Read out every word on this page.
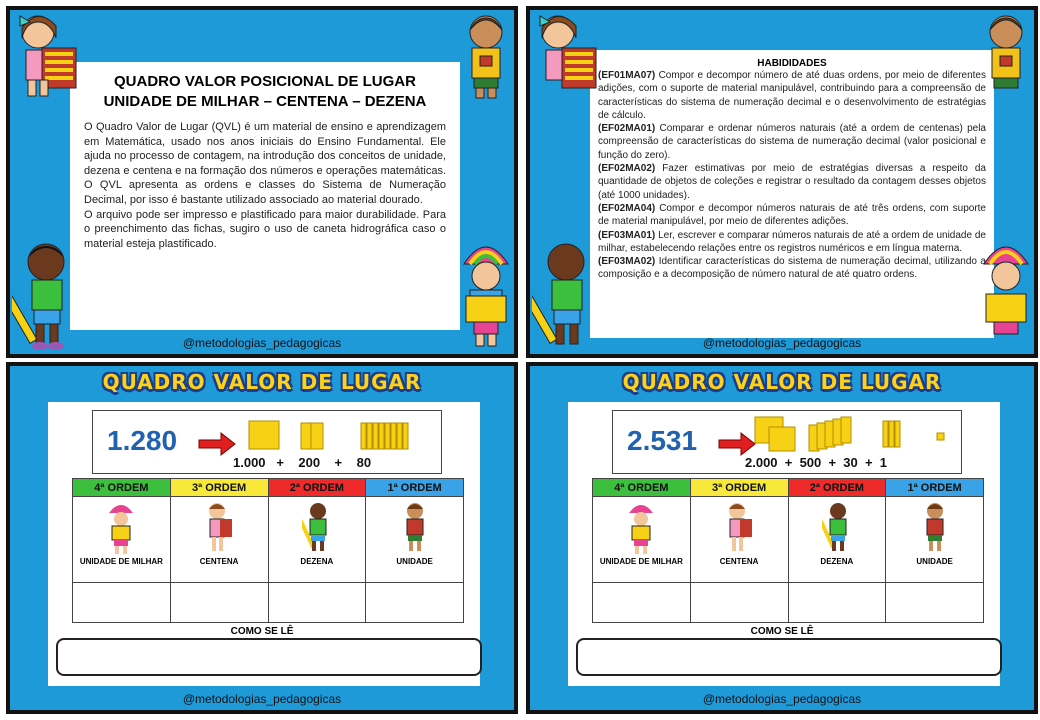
QUADRO VALOR POSICIONAL DE LUGAR
UNIDADE DE MILHAR – CENTENA – DEZENA

O Quadro Valor de Lugar (QVL) é um material de ensino e aprendizagem em Matemática, usado nos anos iniciais do Ensino Fundamental. Ele ajuda no processo de contagem, na introdução dos conceitos de unidade, dezena e centena e na formação dos números e operações matemáticas. O QVL apresenta as ordens e classes do Sistema de Numeração Decimal, por isso é bastante utilizado associado ao material dourado.

O arquivo pode ser impresso e plastificado para maior durabilidade. Para o preenchimento das fichas, sugiro o uso de caneta hidrográfica caso o material esteja plastificado.

@metodologias_pedagogicas
HABIDIDADES
(EF01MA07) Compor e decompor número de até duas ordens, por meio de diferentes adições, com o suporte de material manipulável, contribuindo para a compreensão de características do sistema de numeração decimal e o desenvolvimento de estratégias de cálculo.
(EF02MA01) Comparar e ordenar números naturais (até a ordem de centenas) pela compreensão de características do sistema de numeração decimal (valor posicional e função do zero).
(EF02MA02) Fazer estimativas por meio de estratégias diversas a respeito da quantidade de objetos de coleções e registrar o resultado da contagem desses objetos (até 1000 unidades).
(EF02MA04) Compor e decompor números naturais de até três ordens, com suporte de material manipulável, por meio de diferentes adições.
(EF03MA01) Ler, escrever e comparar números naturais de até a ordem de unidade de milhar, estabelecendo relações entre os registros numéricos e em língua materna.
(EF03MA02) Identificar características do sistema de numeração decimal, utilizando a composição e a decomposição de número natural de até quatro ordens.
@metodologias_pedagogicas
QUADRO VALOR DE LUGAR
1.280
1.000   +    200    +    80
4ª ORDEM	3ª ORDEM	2ª ORDEM	1ª ORDEM

UNIDADE DE MILHAR	CENTENA	DEZENA	UNIDADE

COMO SE LÊ
@metodologias_pedagogicas
QUADRO VALOR DE LUGAR
2.531
2.000  +  500  +  30  +  1
4ª ORDEM	3ª ORDEM	2ª ORDEM	1ª ORDEM

UNIDADE DE MILHAR	CENTENA	DEZENA	UNIDADE

COMO SE LÊ
@metodologias_pedagogicas
